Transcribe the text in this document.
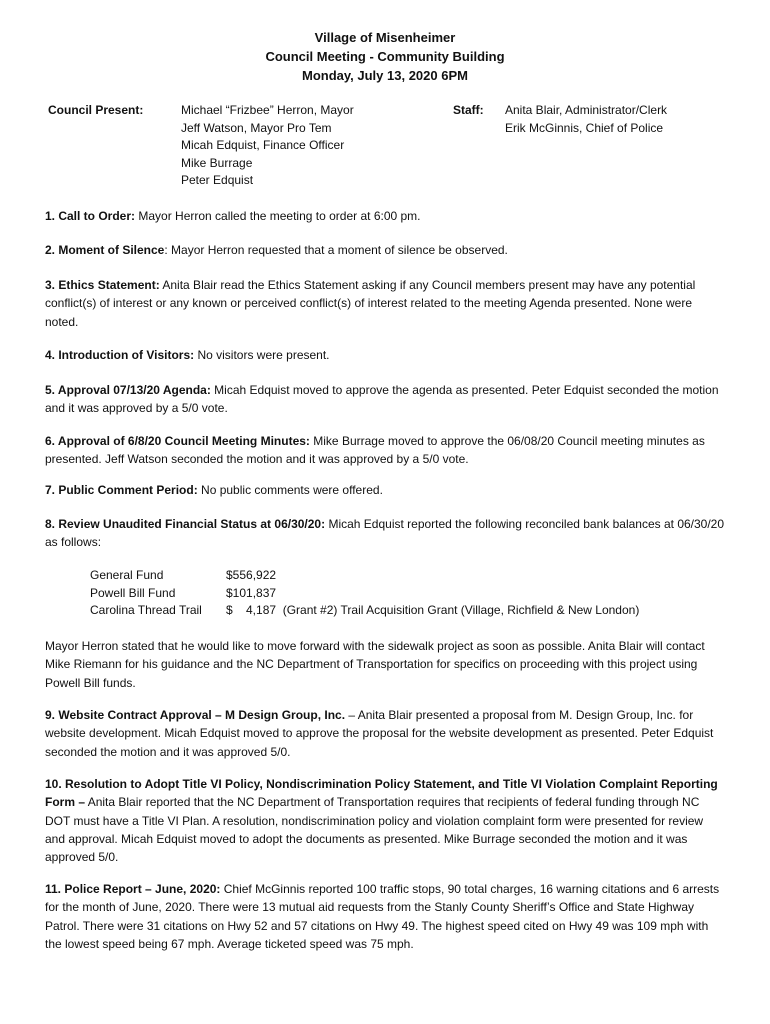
Village of Misenheimer
Council Meeting - Community Building
Monday, July 13, 2020 6PM
Council Present:	Michael “Frizbee” Herron, Mayor
Jeff Watson, Mayor Pro Tem
Micah Edquist, Finance Officer
Mike Burrage
Peter Edquist
Staff: Anita Blair, Administrator/Clerk
Erik McGinnis, Chief of Police
1. Call to Order: Mayor Herron called the meeting to order at 6:00 pm.
2. Moment of Silence: Mayor Herron requested that a moment of silence be observed.
3. Ethics Statement: Anita Blair read the Ethics Statement asking if any Council members present may have any potential conflict(s) of interest or any known or perceived conflict(s) of interest related to the meeting Agenda presented. None were noted.
4. Introduction of Visitors: No visitors were present.
5. Approval 07/13/20 Agenda: Micah Edquist moved to approve the agenda as presented. Peter Edquist seconded the motion and it was approved by a 5/0 vote.
6. Approval of 6/8/20 Council Meeting Minutes: Mike Burrage moved to approve the 06/08/20 Council meeting minutes as presented. Jeff Watson seconded the motion and it was approved by a 5/0 vote.
7. Public Comment Period: No public comments were offered.
8. Review Unaudited Financial Status at 06/30/20: Micah Edquist reported the following reconciled bank balances at 06/30/20 as follows:
General Fund	$556,922
Powell Bill Fund	$101,837
Carolina Thread Trail	$    4,187  (Grant #2) Trail Acquisition Grant (Village, Richfield & New London)
Mayor Herron stated that he would like to move forward with the sidewalk project as soon as possible. Anita Blair will contact Mike Riemann for his guidance and the NC Department of Transportation for specifics on proceeding with this project using Powell Bill funds.
9. Website Contract Approval – M Design Group, Inc. – Anita Blair presented a proposal from M. Design Group, Inc. for website development. Micah Edquist moved to approve the proposal for the website development as presented. Peter Edquist seconded the motion and it was approved 5/0.
10. Resolution to Adopt Title VI Policy, Nondiscrimination Policy Statement, and Title VI Violation Complaint Reporting Form – Anita Blair reported that the NC Department of Transportation requires that recipients of federal funding through NC DOT must have a Title VI Plan. A resolution, nondiscrimination policy and violation complaint form were presented for review and approval. Micah Edquist moved to adopt the documents as presented. Mike Burrage seconded the motion and it was approved 5/0.
11. Police Report – June, 2020: Chief McGinnis reported 100 traffic stops, 90 total charges, 16 warning citations and 6 arrests for the month of June, 2020. There were 13 mutual aid requests from the Stanly County Sheriff’s Office and State Highway Patrol. There were 31 citations on Hwy 52 and 57 citations on Hwy 49. The highest speed cited on Hwy 49 was 109 mph with the lowest speed being 67 mph. Average ticketed speed was 75 mph.
